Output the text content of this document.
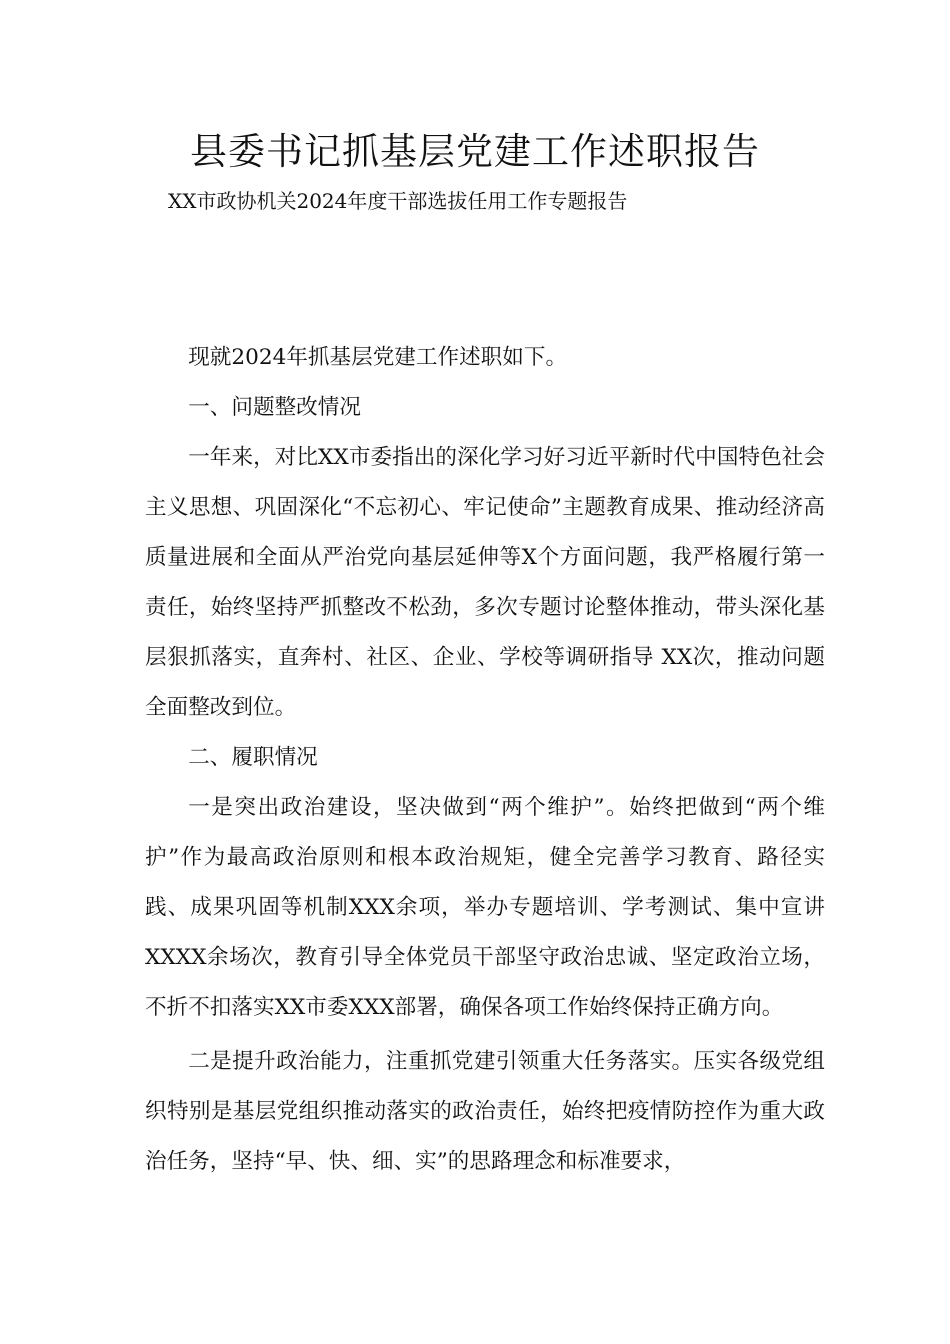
县委书记抓基层党建工作述职报告
XX市政协机关2024年度干部选拔任用工作专题报告

现就2024年抓基层党建工作述职如下。

一、问题整改情况

一年来，对比XX市委指出的深化学习好习近平新时代中国特色社会主义思想、巩固深化“不忘初心、牢记使命”主题教育成果、推动经济高质量进展和全面从严治党向基层延伸等X个方面问题，我严格履行第一责任，始终坚持严抓整改不松劲，多次专题讨论整体推动，带头深化基层狠抓落实，直奔村、社区、企业、学校等调研指导 XX次，推动问题全面整改到位。

二、履职情况

一是突出政治建设，坚决做到“两个维护”。始终把做到“两个维护”作为最高政治原则和根本政治规矩，健全完善学习教育、路径实践、成果巩固等机制XXX余项，举办专题培训、学考测试、集中宣讲XXXX余场次，教育引导全体党员干部坚守政治忠诚、坚定政治立场，不折不扣落实XX市委XXX部署，确保各项工作始终保持正确方向。

二是提升政治能力，注重抓党建引领重大任务落实。压实各级党组织特别是基层党组织推动落实的政治责任，始终把疫情防控作为重大政治任务，坚持“早、快、细、实”的思路理念和标准要求，
